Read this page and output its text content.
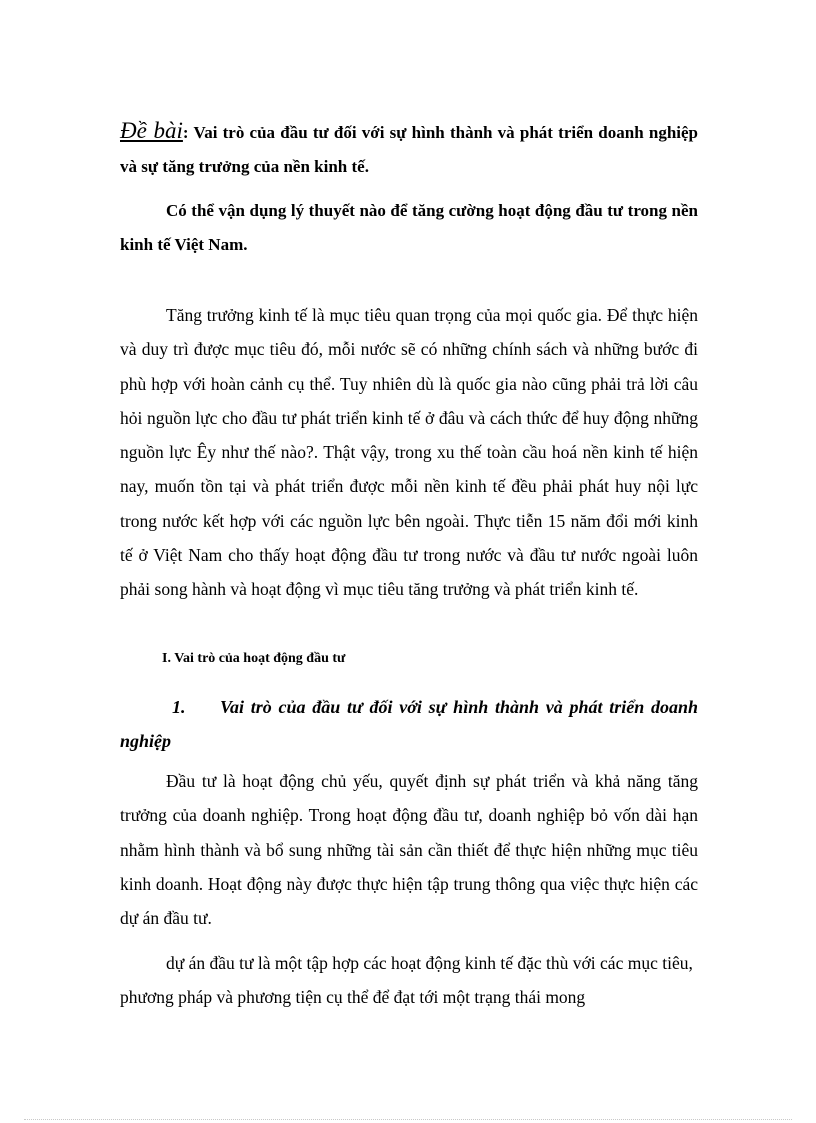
Đề bài: Vai trò của đầu tư đối với sự hình thành và phát triển doanh nghiệp và sự tăng trưởng của nền kinh tế.

Có thể vận dụng lý thuyết nào để tăng cường hoạt động đầu tư trong nền kinh tế Việt Nam.

Tăng trưởng kinh tế là mục tiêu quan trọng của mọi quốc gia. Để thực hiện và duy trì được mục tiêu đó, mỗi nước sẽ có những chính sách và những bước đi phù hợp với hoàn cảnh cụ thể. Tuy nhiên dù là quốc gia nào cũng phải trả lời câu hỏi nguồn lực cho đầu tư phát triển kinh tế ở đâu và cách thức để huy động những nguồn lực Êy như thế nào?. Thật vậy, trong xu thế toàn cầu hoá nền kinh tế hiện nay, muốn tồn tại và phát triển được mỗi nền kinh tế đều phải phát huy nội lực trong nước kết hợp với các nguồn lực bên ngoài. Thực tiễn 15 năm đổi mới kinh tế ở Việt Nam cho thấy hoạt động đầu tư trong nước và đầu tư nước ngoài luôn phải song hành và hoạt động vì mục tiêu tăng trưởng và phát triển kinh tế.

I. Vai trò của hoạt động đầu tư

1. Vai trò của đầu tư đối với sự hình thành và phát triển doanh nghiệp

Đầu tư là hoạt động chủ yếu, quyết định sự phát triển và khả năng tăng trưởng của doanh nghiệp. Trong hoạt động đầu tư, doanh nghiệp bỏ vốn dài hạn nhằm hình thành và bổ sung những tài sản cần thiết để thực hiện những mục tiêu kinh doanh. Hoạt động này được thực hiện tập trung thông qua việc thực hiện các dự án đầu tư.

dự án đầu tư là một tập hợp các hoạt động kinh tế đặc thù với các mục tiêu, phương pháp và phương tiện cụ thể để đạt tới một trạng thái mong
